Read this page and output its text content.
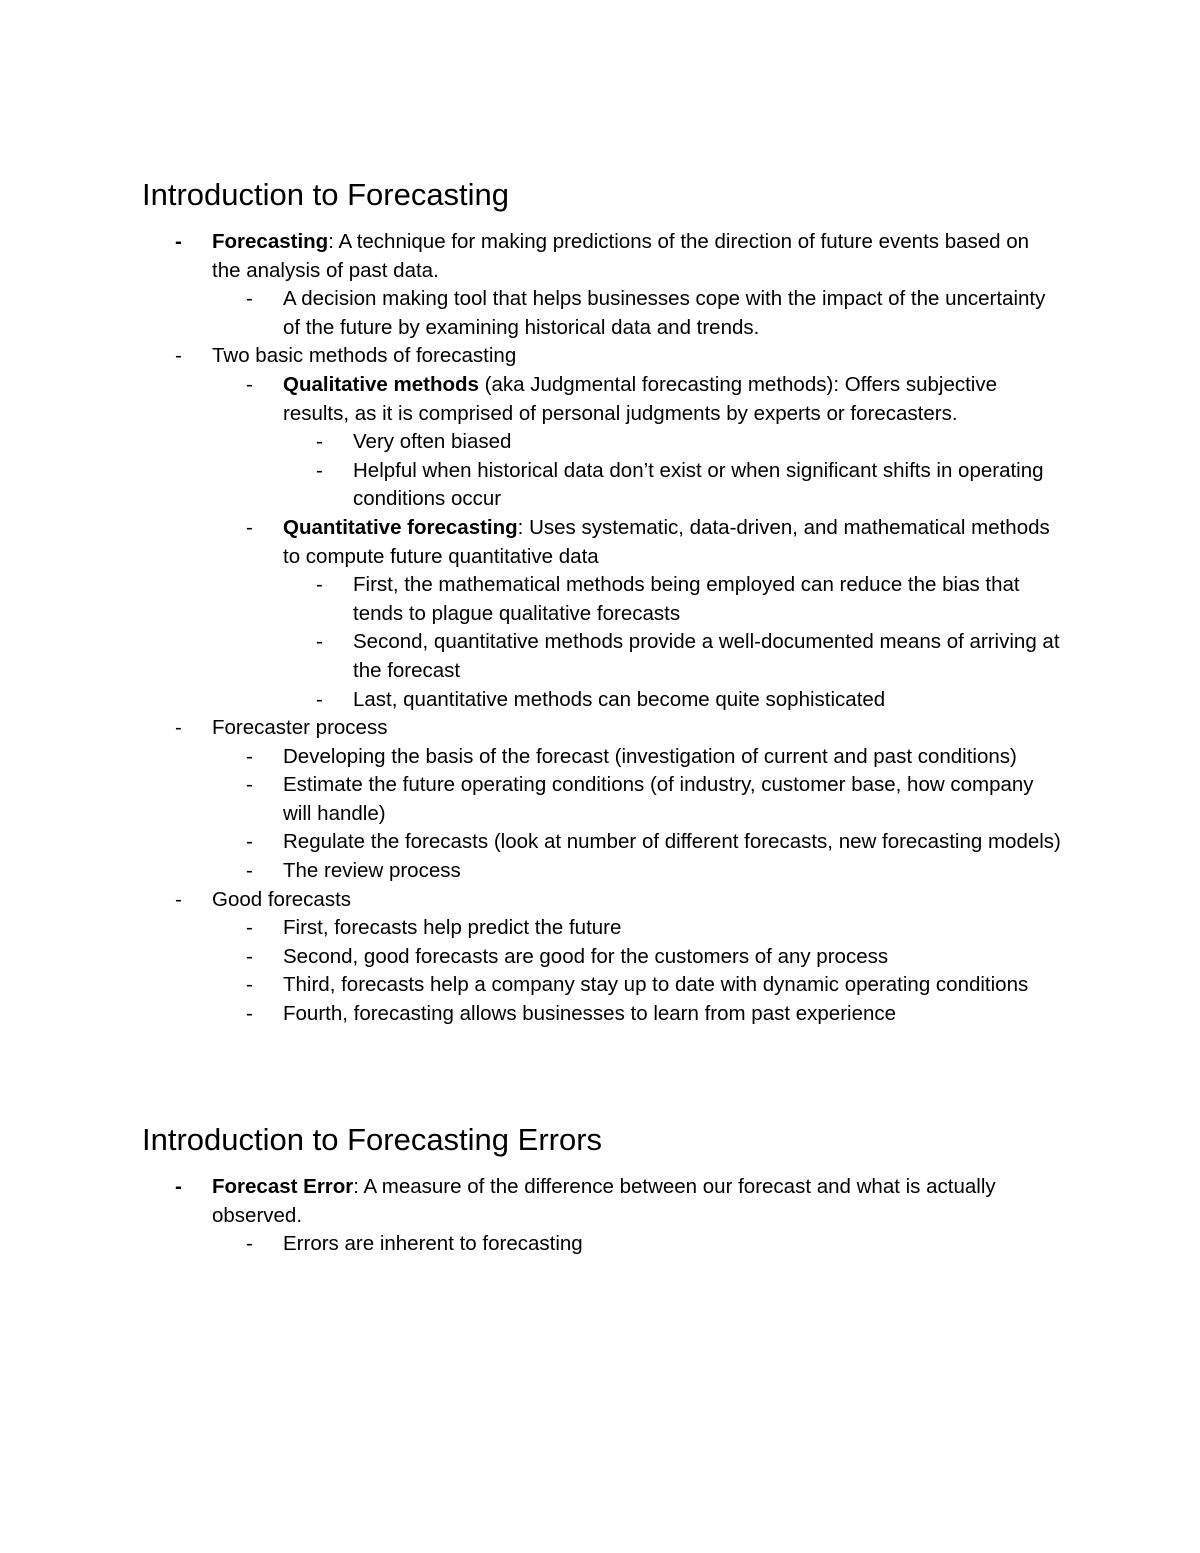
Introduction to Forecasting
- Forecasting: A technique for making predictions of the direction of future events based on the analysis of past data.
- A decision making tool that helps businesses cope with the impact of the uncertainty of the future by examining historical data and trends.
- Two basic methods of forecasting
- Qualitative methods (aka Judgmental forecasting methods): Offers subjective results, as it is comprised of personal judgments by experts or forecasters.
- Very often biased
- Helpful when historical data don’t exist or when significant shifts in operating conditions occur
- Quantitative forecasting: Uses systematic, data-driven, and mathematical methods to compute future quantitative data
- First, the mathematical methods being employed can reduce the bias that tends to plague qualitative forecasts
- Second, quantitative methods provide a well-documented means of arriving at the forecast
- Last, quantitative methods can become quite sophisticated
- Forecaster process
- Developing the basis of the forecast (investigation of current and past conditions)
- Estimate the future operating conditions (of industry, customer base, how company will handle)
- Regulate the forecasts (look at number of different forecasts, new forecasting models)
- The review process
- Good forecasts
- First, forecasts help predict the future
- Second, good forecasts are good for the customers of any process
- Third, forecasts help a company stay up to date with dynamic operating conditions
- Fourth, forecasting allows businesses to learn from past experience
Introduction to Forecasting Errors
- Forecast Error: A measure of the difference between our forecast and what is actually observed.
- Errors are inherent to forecasting
